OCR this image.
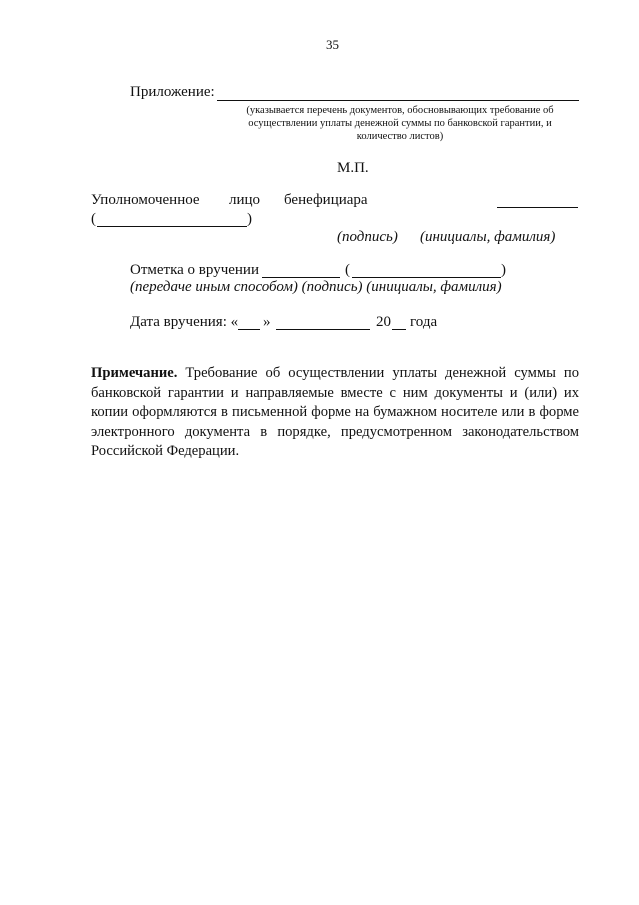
35
Приложение:
(указывается перечень документов, обосновывающих требование об
осуществлении уплаты денежной суммы по банковской гарантии, и
количество листов)
М.П.
Уполномоченное лицо бенефициара
(	)
(подпись) (инициалы, фамилия)
Отметка о вручении	(	)
(передаче иным способом) (подпись) (инициалы, фамилия)
Дата вручения: « »	20 года
Примечание. Требование об осуществлении уплаты денежной суммы по банковской гарантии и направляемые вместе с ним документы и (или) их копии оформляются в письменной форме на бумажном носителе или в форме электронного документа в порядке, предусмотренном законодательством Российской Федерации.
